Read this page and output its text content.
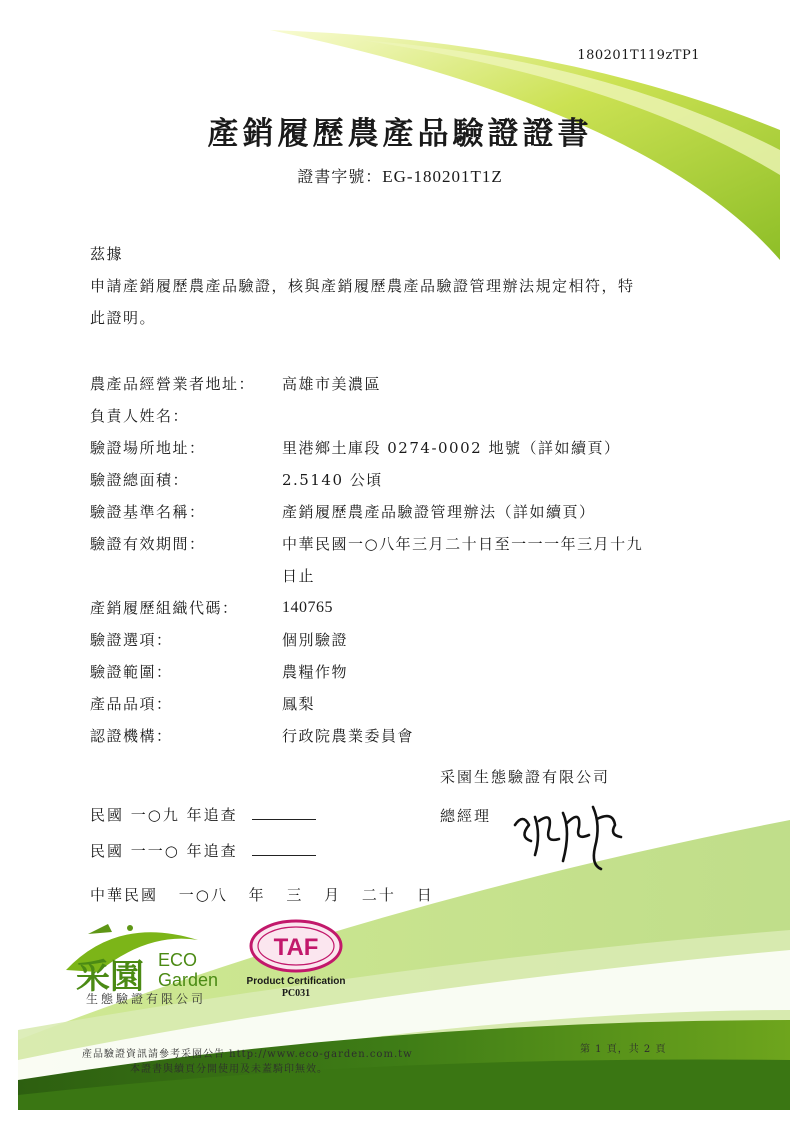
180201T119zTP1
產銷履歷農產品驗證證書
證書字號：EG-180201T1Z
茲據
申請產銷履歷農產品驗證，核與產銷履歷農產品驗證管理辦法規定相符，特
此證明。
農產品經營業者地址：	高雄市美濃區
負責人姓名：
驗證場所地址：	里港鄉土庫段 0274-0002 地號（詳如續頁）
驗證總面積：	2.5140 公頃
驗證基準名稱：	產銷履歷農產品驗證管理辦法（詳如續頁）
驗證有效期間：	中華民國一○八年三月二十日至一一一年三月十九
日止
產銷履歷組織代碼：	140765
驗證選項：	個別驗證
驗證範圍：	農糧作物
產品品項：	鳳梨
認證機構：	行政院農業委員會
采園生態驗證有限公司
總經理
民國 一○九 年追查
民國 一一○ 年追查
中華民國 一○八 年 三 月 二十 日
采園 ECO
Garden
生態驗證有限公司
TAF
Product Certification
PC031
產品驗證資訊請參考采園公告 http://www.eco-garden.com.tw
本證書與續頁分開使用及未蓋騎印無效。
第 1 頁，共 2 頁
